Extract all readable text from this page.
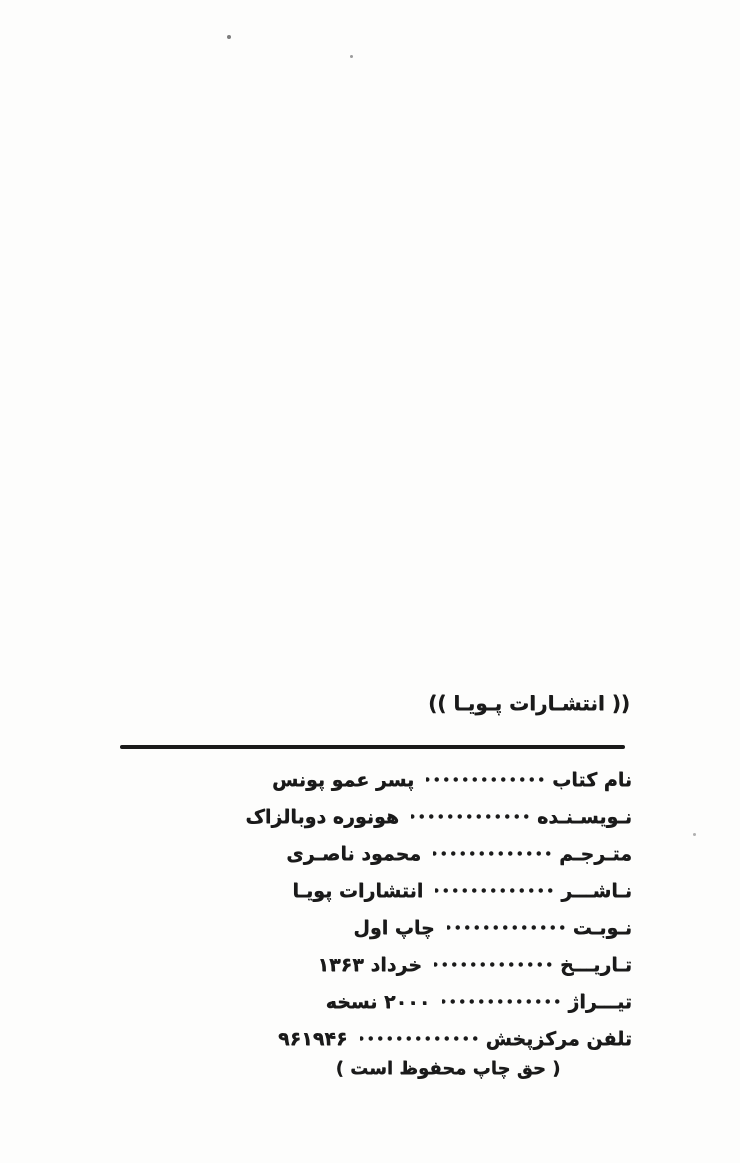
(( انتشـارات پـویـا ))
نام کتاب
پسر عمو پونس
نـویسـنـده
هونوره دوبالزاک
متـرجـم
محمود ناصـری
نـاشـــر
انتشارات پویـا
نـوبـت
چاپ اول
تـاریـــخ
خرداد ۱۳۶۳
تیـــراژ
۲۰۰۰ نسخه
تلفن مرکزپخش
۹۶۱۹۴۶
( حق چاپ محفوظ است )
